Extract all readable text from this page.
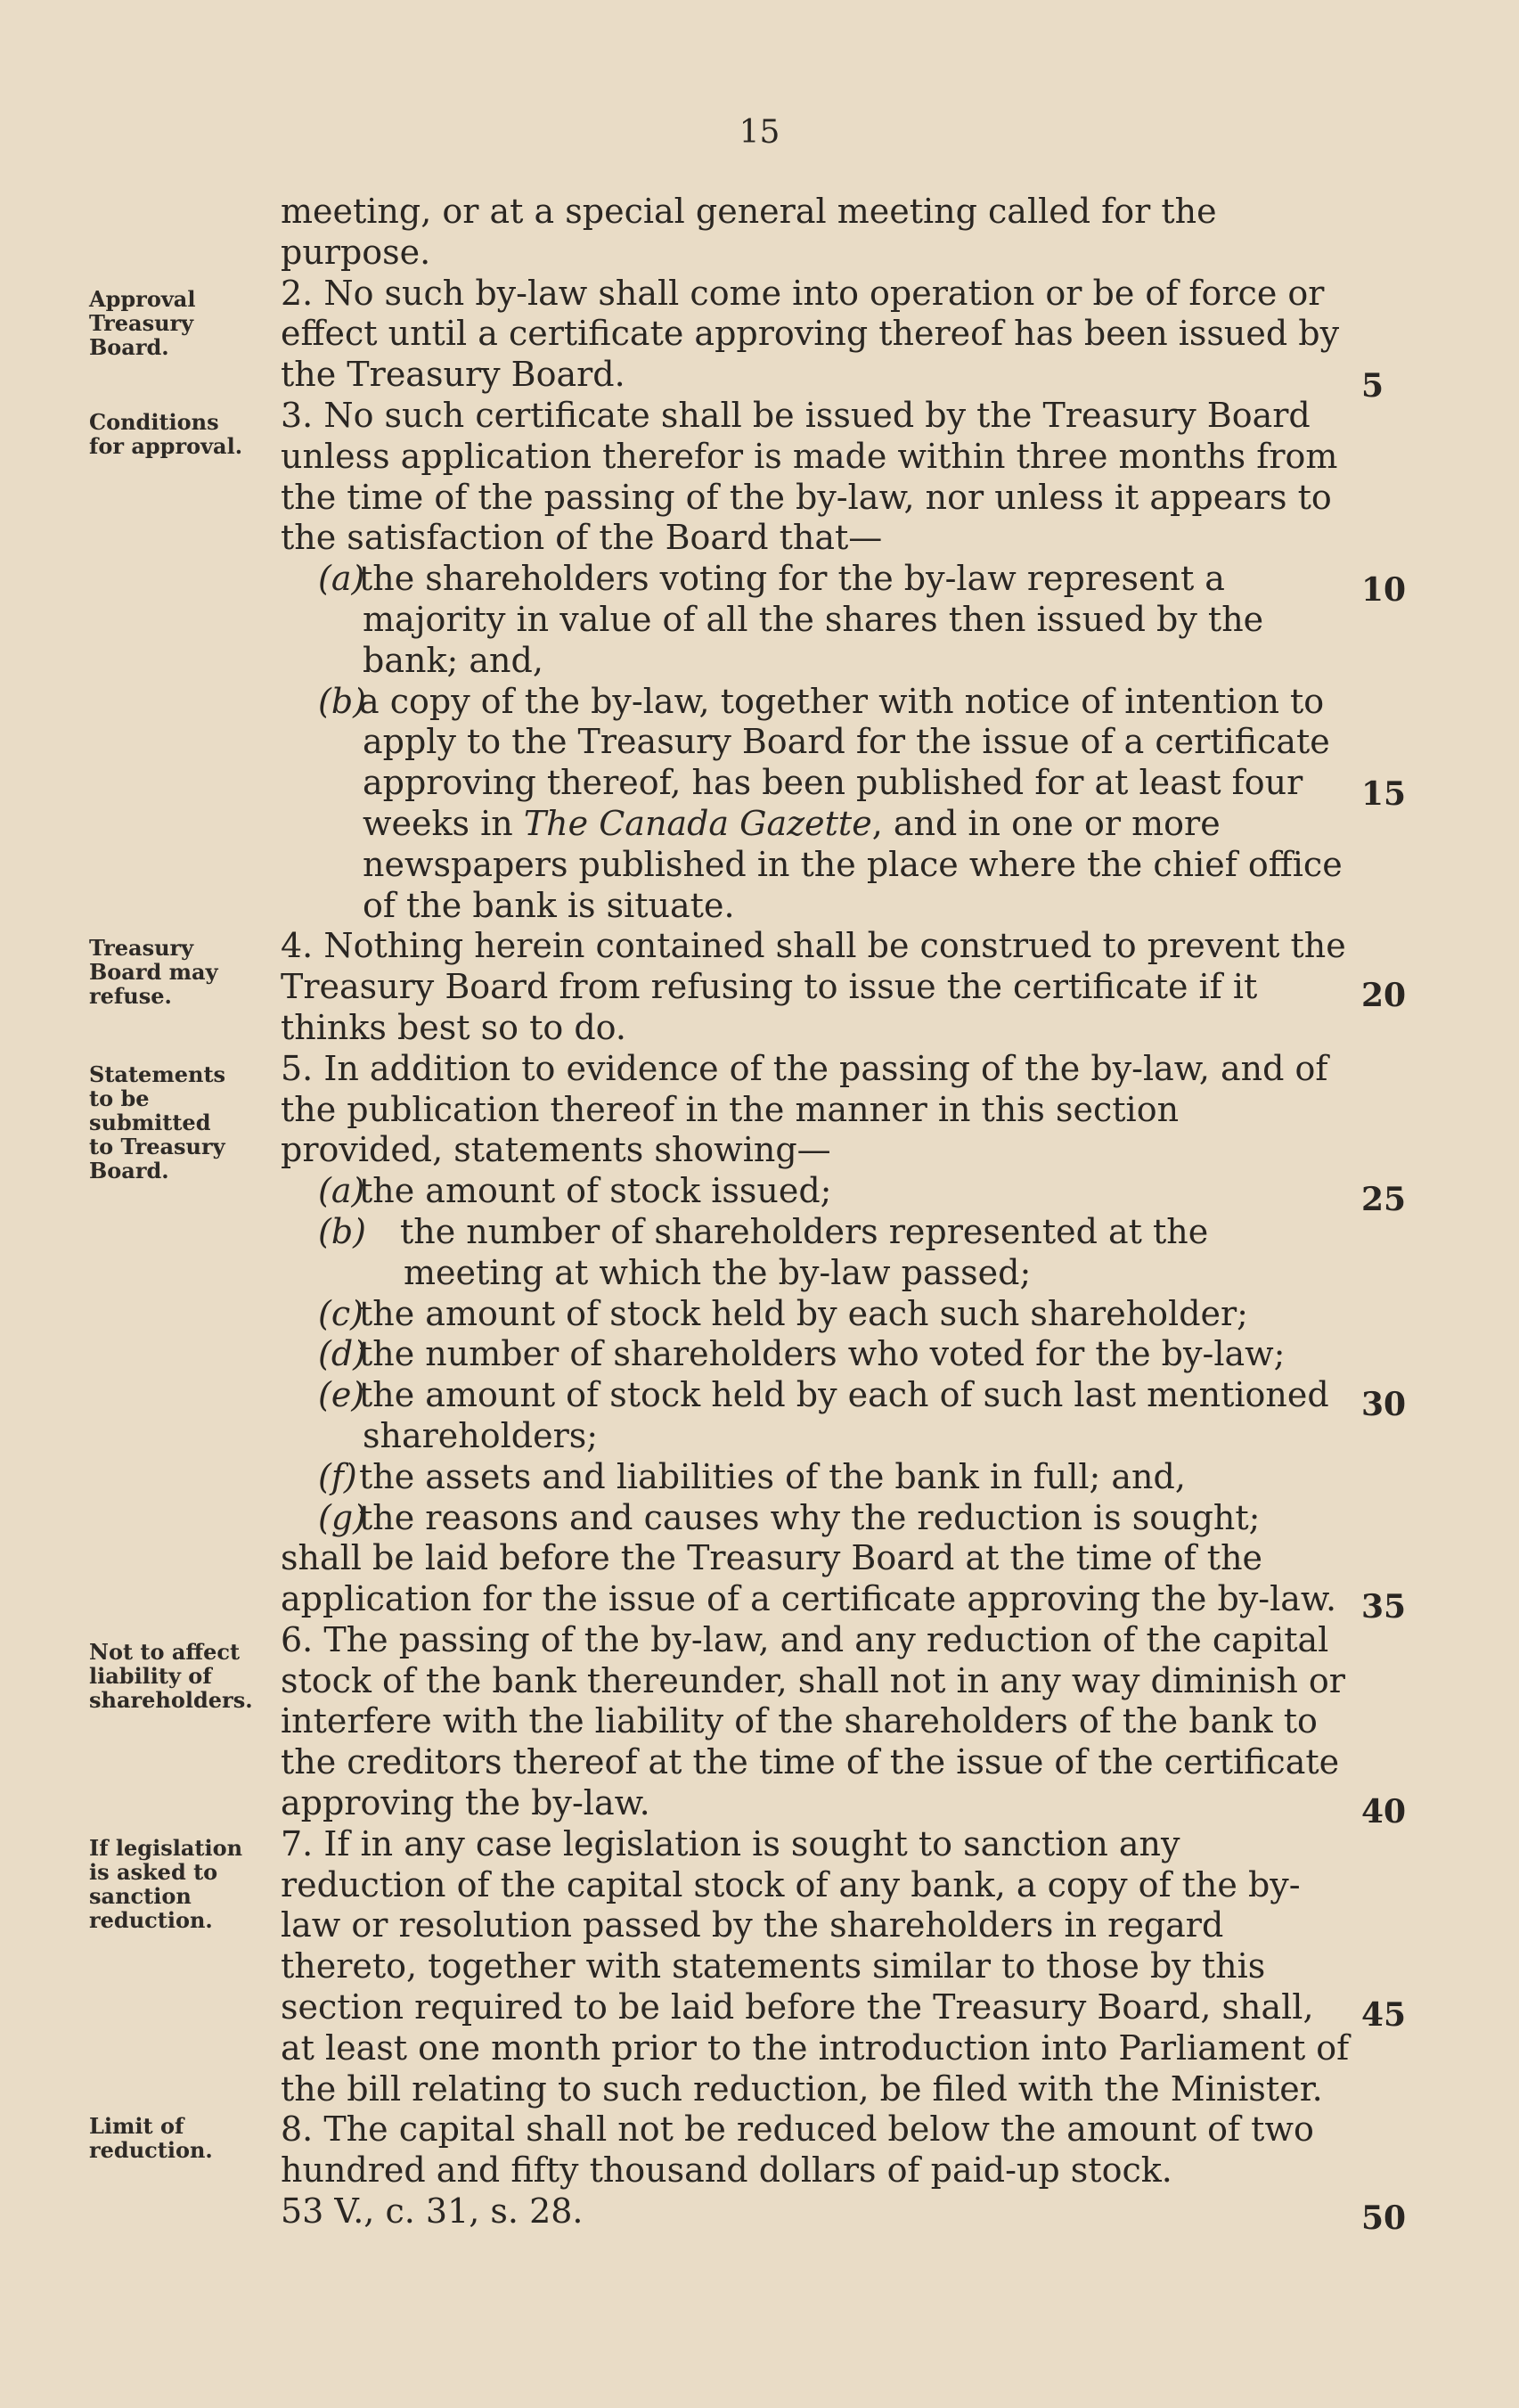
15
Approval
Treasury
Board.
Conditions
for approval.
Treasury
Board may
refuse.
Statements
to be
submitted
to Treasury
Board.
Not to affect
liability of
shareholders.
If legislation
is asked to
sanction
reduction.
Limit of
reduction.
5
10
15
20
25
30
35
40
45
50

meeting, or at a special general meeting called for the purpose.

2. No such by-law shall come into operation or be of force or effect until a certificate approving thereof has been issued by the Treasury Board.

3. No such certificate shall be issued by the Treasury Board unless application therefor is made within three months from the time of the passing of the by-law, nor unless it appears to the satisfaction of the Board that—

(a)the shareholders voting for the by-law represent a majority in value of all the shares then issued by the bank; and,

(b)a copy of the by-law, together with notice of intention to apply to the Treasury Board for the issue of a certificate approving thereof, has been published for at least four weeks in The Canada Gazette, and in one or more newspapers published in the place where the chief office of the bank is situate.

4. Nothing herein contained shall be construed to prevent the Treasury Board from refusing to issue the certificate if it thinks best so to do.

5. In addition to evidence of the passing of the by-law, and of the publication thereof in the manner in this section provided, statements showing—

(a)the amount of stock issued;

(b) the number of shareholders represented at the meeting at which the by-law passed;

(c)the amount of stock held by each such shareholder;

(d)the number of shareholders who voted for the by-law;

(e)the amount of stock held by each of such last mentioned shareholders;

(f)the assets and liabilities of the bank in full; and,

(g)the reasons and causes why the reduction is sought;

shall be laid before the Treasury Board at the time of the application for the issue of a certificate approving the by-law.

6. The passing of the by-law, and any reduction of the capital stock of the bank thereunder, shall not in any way diminish or interfere with the liability of the shareholders of the bank to the creditors thereof at the time of the issue of the certificate approving the by-law.

7. If in any case legislation is sought to sanction any reduction of the capital stock of any bank, a copy of the by-law or resolution passed by the shareholders in regard thereto, together with statements similar to those by this section required to be laid before the Treasury Board, shall, at least one month prior to the introduction into Parliament of the bill relating to such reduction, be filed with the Minister.

8. The capital shall not be reduced below the amount of two hundred and fifty thousand dollars of paid-up stock.

53 V., c. 31, s. 28.
